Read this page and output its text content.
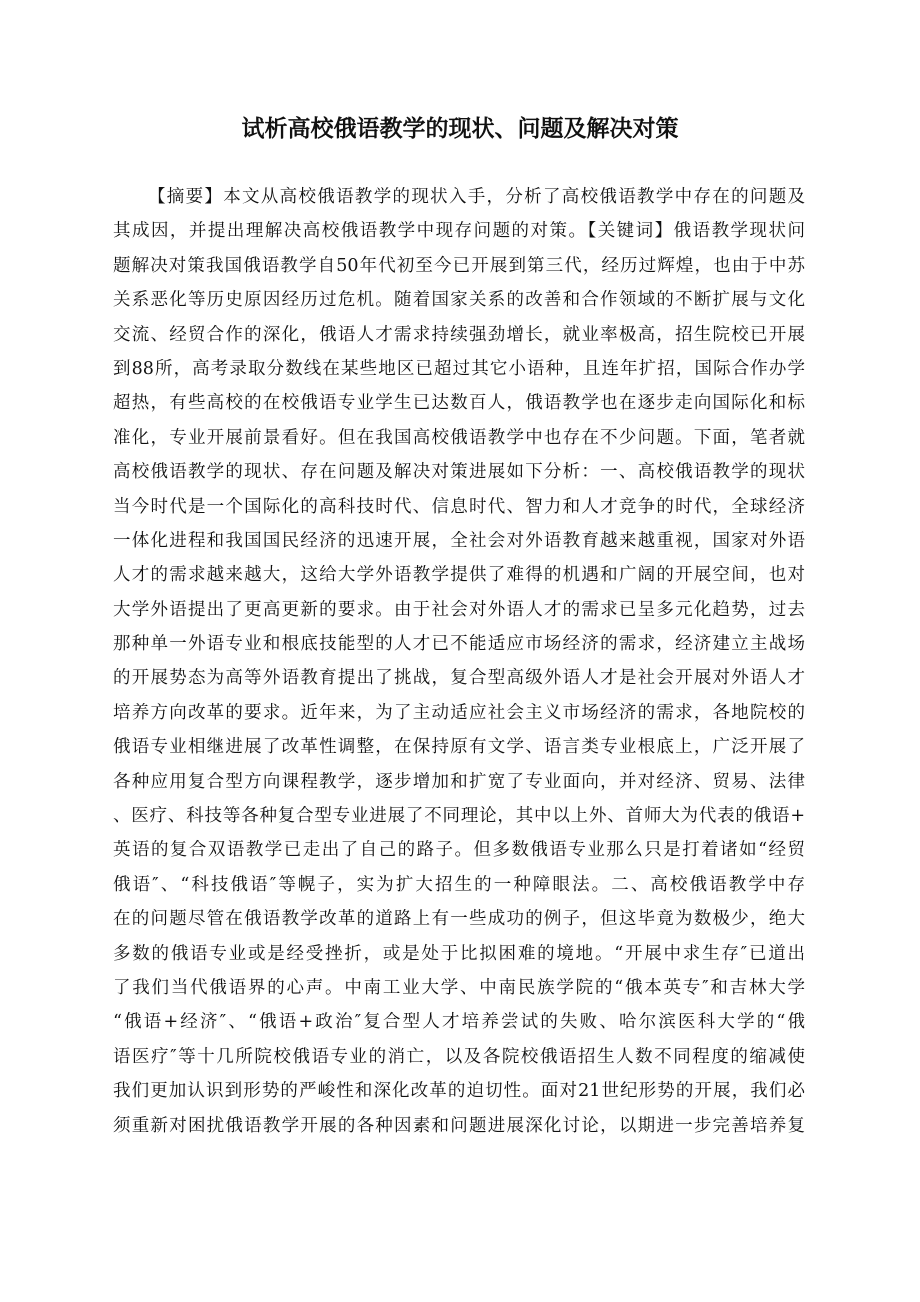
试析高校俄语教学的现状、问题及解决对策
【摘要】本文从高校俄语教学的现状入手，分析了高校俄语教学中存在的问题及
其成因，并提出理解决高校俄语教学中现存问题的对策。【关键词】俄语教学现状问
题解决对策我国俄语教学自50年代初至今已开展到第三代，经历过辉煌，也由于中苏
关系恶化等历史原因经历过危机。随着国家关系的改善和合作领域的不断扩展与文化
交流、经贸合作的深化，俄语人才需求持续强劲增长，就业率极高，招生院校已开展
到88所，高考录取分数线在某些地区已超过其它小语种，且连年扩招，国际合作办学
超热，有些高校的在校俄语专业学生已达数百人，俄语教学也在逐步走向国际化和标
准化，专业开展前景看好。但在我国高校俄语教学中也存在不少问题。下面，笔者就
高校俄语教学的现状、存在问题及解决对策进展如下分析：一、高校俄语教学的现状
当今时代是一个国际化的高科技时代、信息时代、智力和人才竞争的时代，全球经济
一体化进程和我国国民经济的迅速开展，全社会对外语教育越来越重视，国家对外语
人才的需求越来越大，这给大学外语教学提供了难得的机遇和广阔的开展空间，也对
大学外语提出了更高更新的要求。由于社会对外语人才的需求已呈多元化趋势，过去
那种单一外语专业和根底技能型的人才已不能适应市场经济的需求，经济建立主战场
的开展势态为高等外语教育提出了挑战，复合型高级外语人才是社会开展对外语人才
培养方向改革的要求。近年来，为了主动适应社会主义市场经济的需求，各地院校的
俄语专业相继进展了改革性调整，在保持原有文学、语言类专业根底上，广泛开展了
各种应用复合型方向课程教学，逐步增加和扩宽了专业面向，并对经济、贸易、法律
、医疗、科技等各种复合型专业进展了不同理论，其中以上外、首师大为代表的俄语+
英语的复合双语教学已走出了自己的路子。但多数俄语专业那么只是打着诸如“经贸
俄语″、“科技俄语″等幌子，实为扩大招生的一种障眼法。二、高校俄语教学中存
在的问题尽管在俄语教学改革的道路上有一些成功的例子，但这毕竟为数极少，绝大
多数的俄语专业或是经受挫折，或是处于比拟困难的境地。“开展中求生存″已道出
了我们当代俄语界的心声。中南工业大学、中南民族学院的“俄本英专″和吉林大学
“俄语+经济″、“俄语+政治″复合型人才培养尝试的失败、哈尔滨医科大学的“俄
语医疗″等十几所院校俄语专业的消亡，以及各院校俄语招生人数不同程度的缩减使
我们更加认识到形势的严峻性和深化改革的迫切性。面对21世纪形势的开展，我们必
须重新对困扰俄语教学开展的各种因素和问题进展深化讨论，以期进一步完善培养复
